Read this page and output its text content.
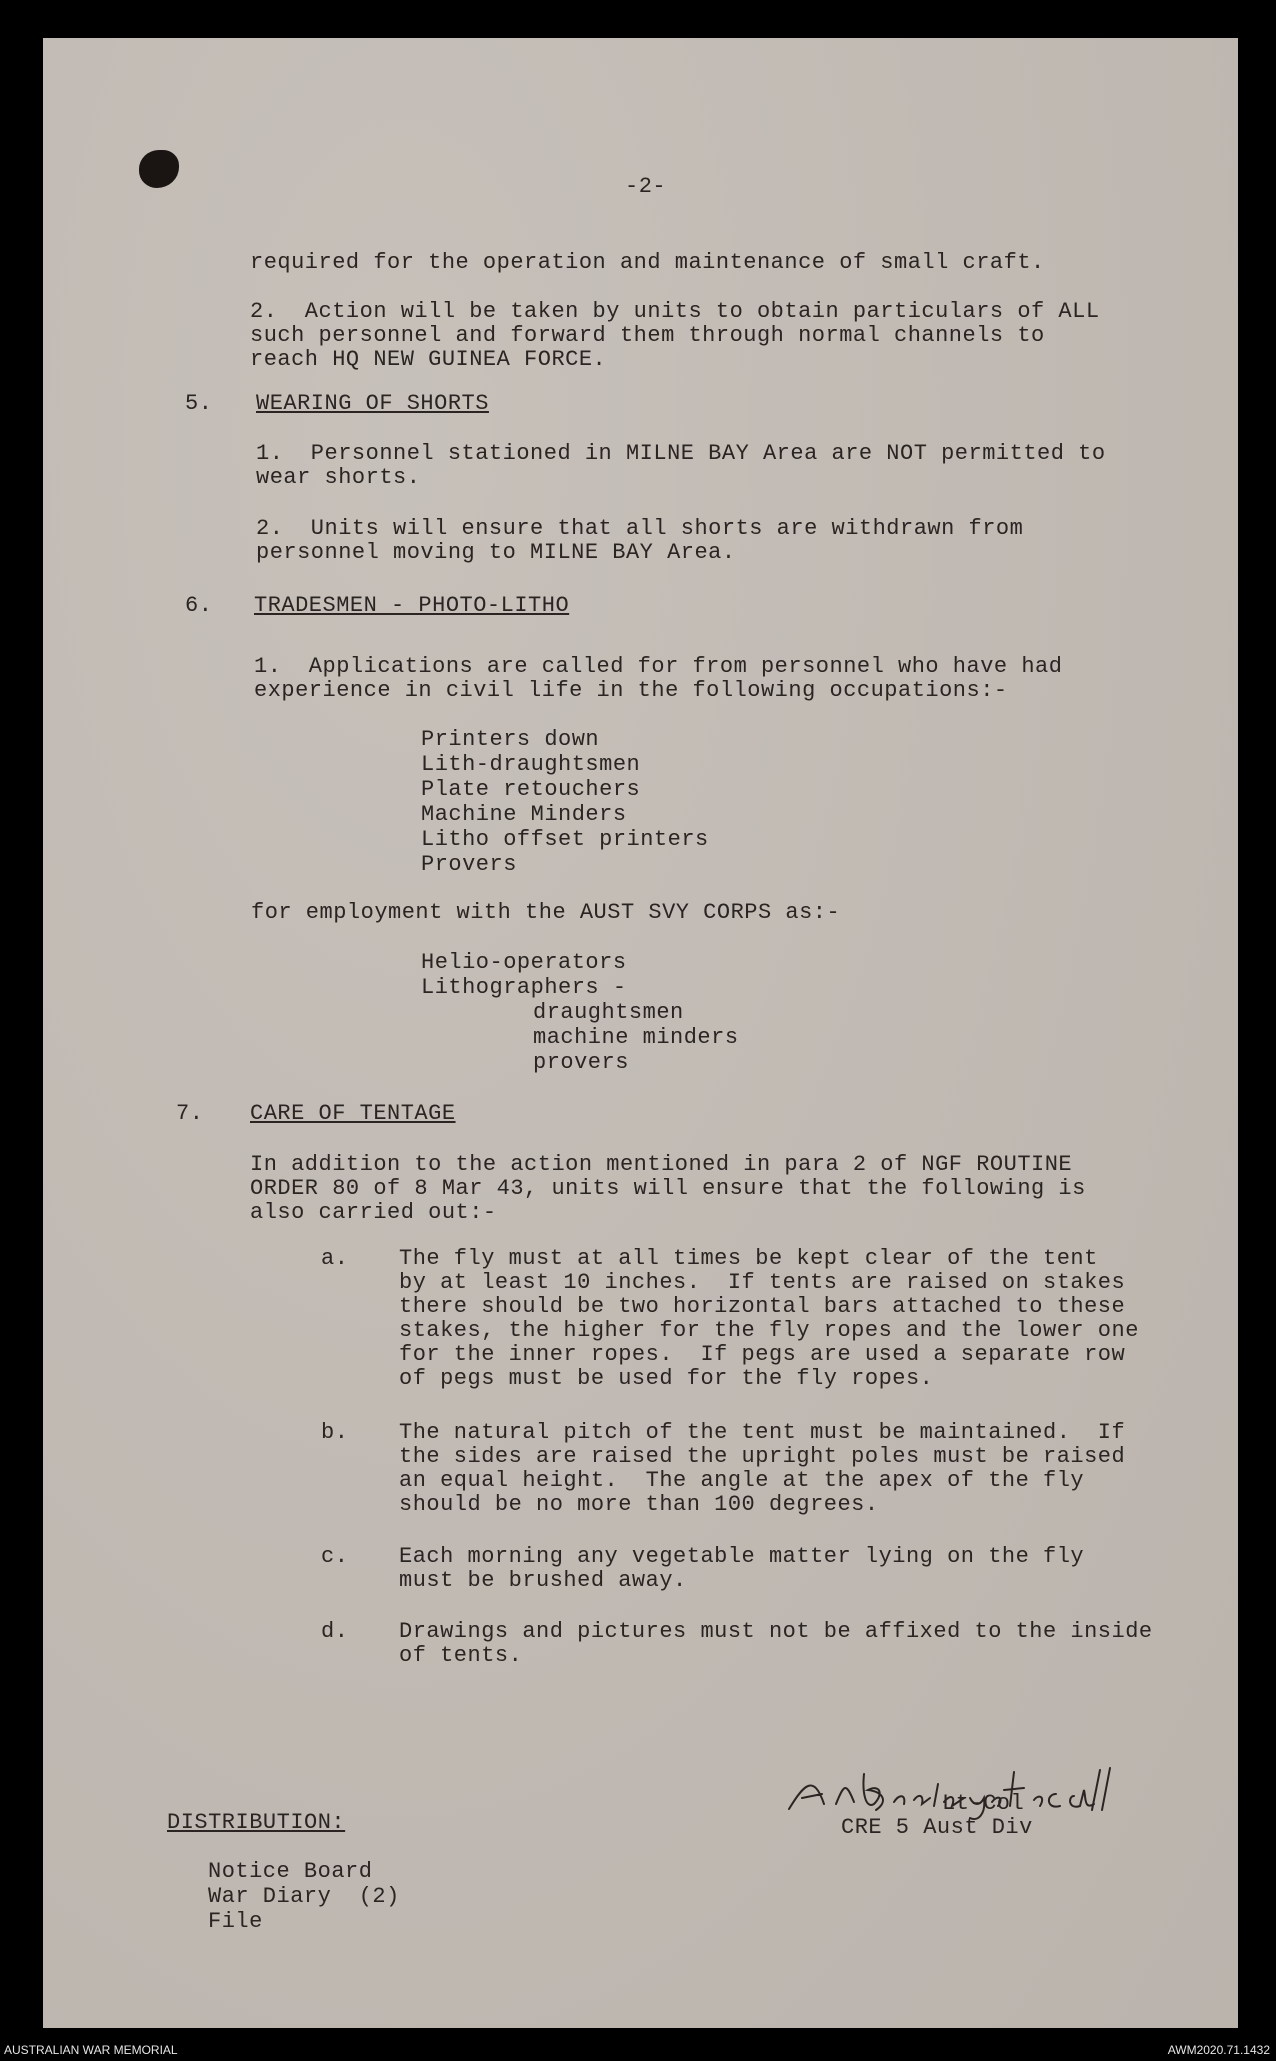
-2-
required for the operation and maintenance of small craft.
2.  Action will be taken by units to obtain particulars of ALL
such personnel and forward them through normal channels to
reach HQ NEW GUINEA FORCE.
5. WEARING OF SHORTS
1.  Personnel stationed in MILNE BAY Area are NOT permitted to
wear shorts.
2.  Units will ensure that all shorts are withdrawn from
personnel moving to MILNE BAY Area.
6. TRADESMEN - PHOTO-LITHO
1.  Applications are called for from personnel who have had
experience in civil life in the following occupations:-
Printers down
Lith-draughtsmen
Plate retouchers
Machine Minders
Litho offset printers
Provers
for employment with the AUST SVY CORPS as:-
Helio-operators
Lithographers -
draughtsmen
machine minders
provers
7. CARE OF TENTAGE
In addition to the action mentioned in para 2 of NGF ROUTINE
ORDER 80 of 8 Mar 43, units will ensure that the following is
also carried out:-
a. The fly must at all times be kept clear of the tent
by at least 10 inches.  If tents are raised on stakes
there should be two horizontal bars attached to these
stakes, the higher for the fly ropes and the lower one
for the inner ropes.  If pegs are used a separate row
of pegs must be used for the fly ropes.
b. The natural pitch of the tent must be maintained.  If
the sides are raised the upright poles must be raised
an equal height.  The angle at the apex of the fly
should be no more than 100 degrees.
c. Each morning any vegetable matter lying on the fly
must be brushed away.
d. Drawings and pictures must not be affixed to the inside
of tents.
Lt-Col
CRE 5 Aust Div
DISTRIBUTION:
Notice Board
War Diary  (2)
File
AUSTRALIAN WAR MEMORIAL	AWM2020.71.1432
